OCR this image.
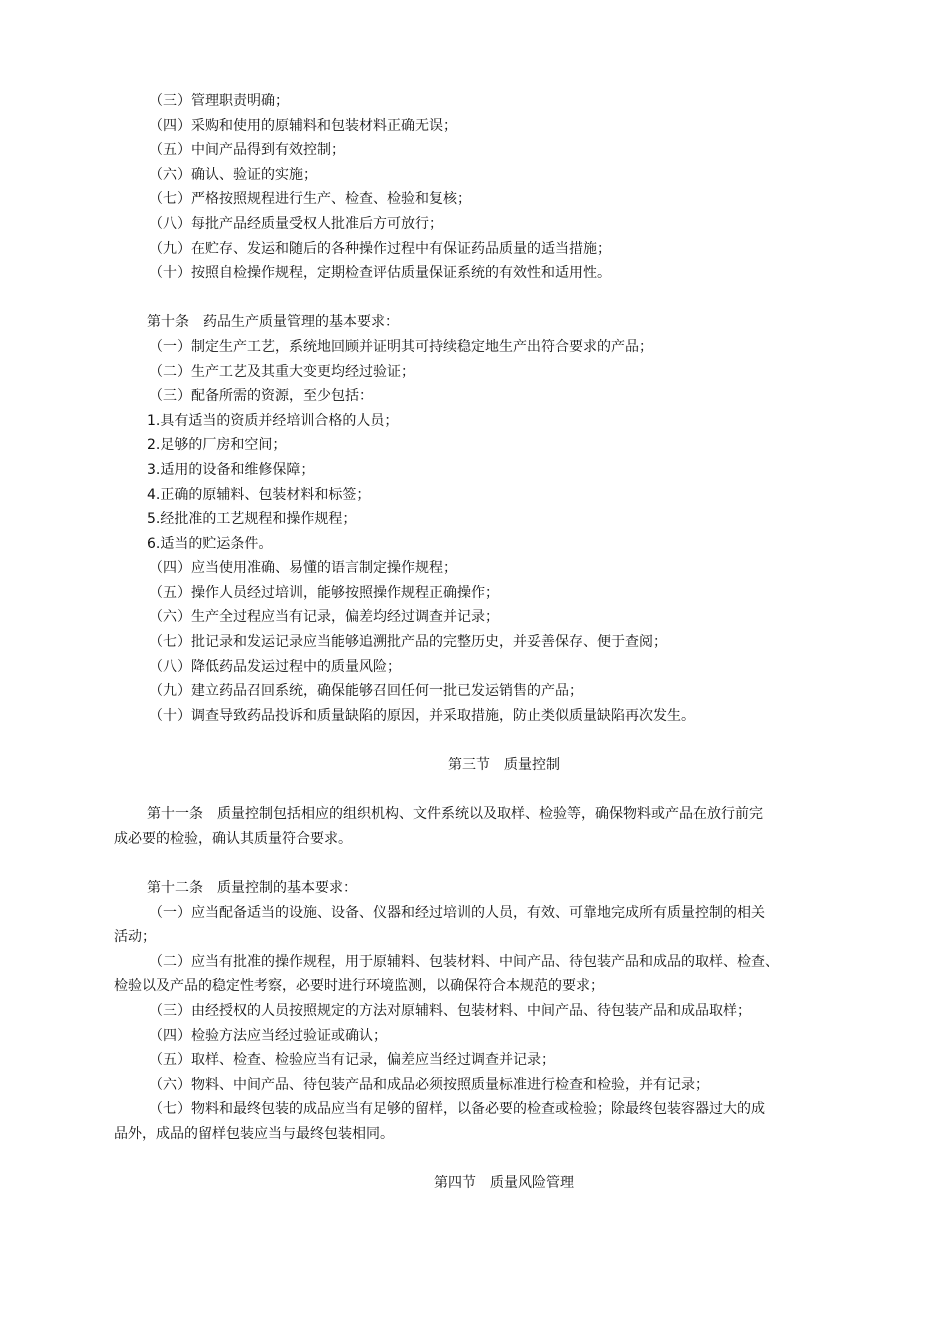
（三）管理职责明确；
（四）采购和使用的原辅料和包装材料正确无误；
（五）中间产品得到有效控制；
（六）确认、验证的实施；
（七）严格按照规程进行生产、检查、检验和复核；
（八）每批产品经质量受权人批准后方可放行；
（九）在贮存、发运和随后的各种操作过程中有保证药品质量的适当措施；
（十）按照自检操作规程，定期检查评估质量保证系统的有效性和适用性。
第十条　药品生产质量管理的基本要求：
（一）制定生产工艺，系统地回顾并证明其可持续稳定地生产出符合要求的产品；
（二）生产工艺及其重大变更均经过验证；
（三）配备所需的资源，至少包括：
1.具有适当的资质并经培训合格的人员；
2.足够的厂房和空间；
3.适用的设备和维修保障；
4.正确的原辅料、包装材料和标签；
5.经批准的工艺规程和操作规程；
6.适当的贮运条件。
（四）应当使用准确、易懂的语言制定操作规程；
（五）操作人员经过培训，能够按照操作规程正确操作；
（六）生产全过程应当有记录，偏差均经过调查并记录；
（七）批记录和发运记录应当能够追溯批产品的完整历史，并妥善保存、便于查阅；
（八）降低药品发运过程中的质量风险；
（九）建立药品召回系统，确保能够召回任何一批已发运销售的产品；
（十）调查导致药品投诉和质量缺陷的原因，并采取措施，防止类似质量缺陷再次发生。
第三节　质量控制
第十一条　质量控制包括相应的组织机构、文件系统以及取样、检验等，确保物料或产品在放行前完
成必要的检验，确认其质量符合要求。
第十二条　质量控制的基本要求：
（一）应当配备适当的设施、设备、仪器和经过培训的人员，有效、可靠地完成所有质量控制的相关
活动；
（二）应当有批准的操作规程，用于原辅料、包装材料、中间产品、待包装产品和成品的取样、检查、
检验以及产品的稳定性考察，必要时进行环境监测，以确保符合本规范的要求；
（三）由经授权的人员按照规定的方法对原辅料、包装材料、中间产品、待包装产品和成品取样；
（四）检验方法应当经过验证或确认；
（五）取样、检查、检验应当有记录，偏差应当经过调查并记录；
（六）物料、中间产品、待包装产品和成品必须按照质量标准进行检查和检验，并有记录；
（七）物料和最终包装的成品应当有足够的留样，以备必要的检查或检验；除最终包装容器过大的成
品外，成品的留样包装应当与最终包装相同。
第四节　质量风险管理
